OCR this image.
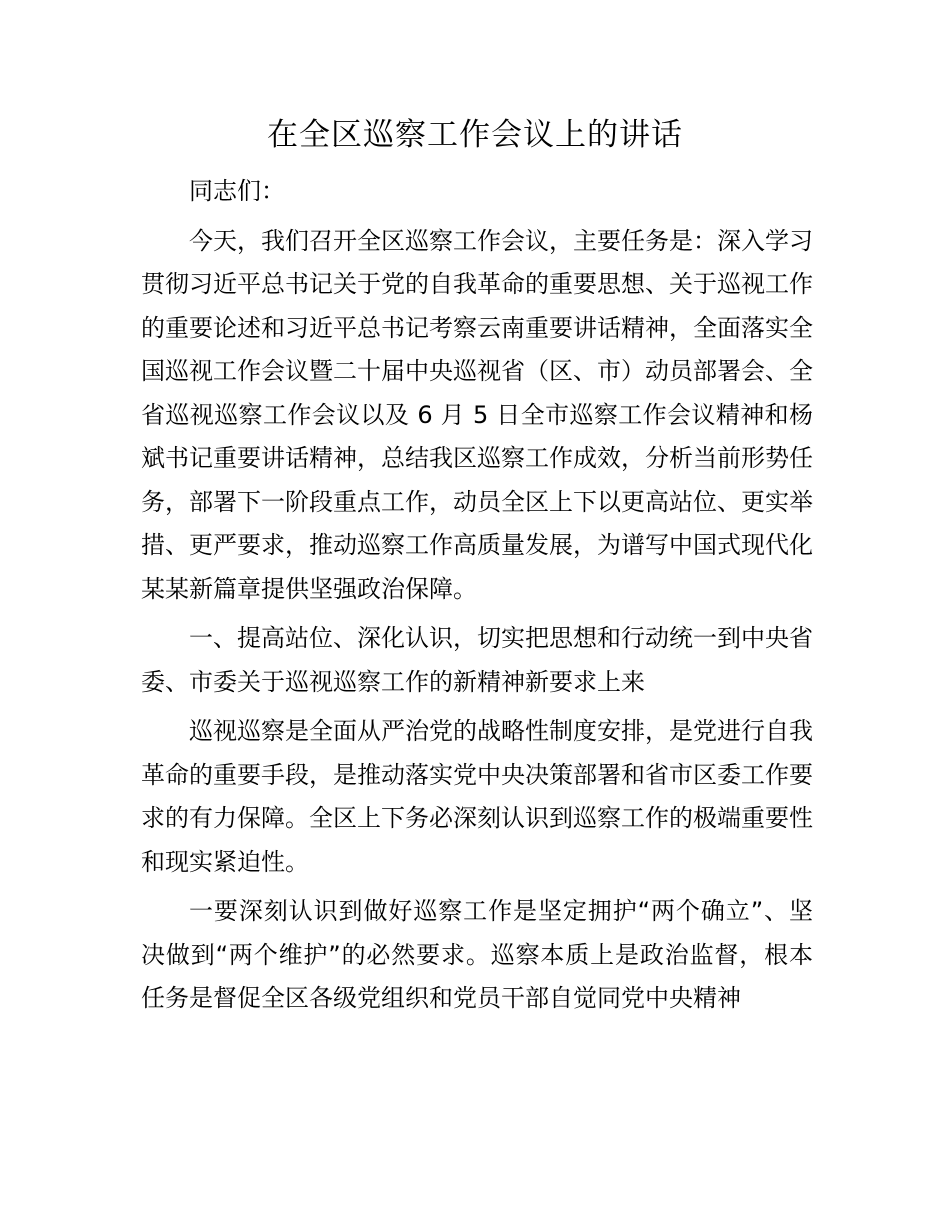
在全区巡察工作会议上的讲话

同志们：

今天，我们召开全区巡察工作会议，主要任务是：深入学习贯彻习近平总书记关于党的自我革命的重要思想、关于巡视工作的重要论述和习近平总书记考察云南重要讲话精神，全面落实全国巡视工作会议暨二十届中央巡视省（区、市）动员部署会、全省巡视巡察工作会议以及 6 月 5 日全市巡察工作会议精神和杨斌书记重要讲话精神，总结我区巡察工作成效，分析当前形势任务，部署下一阶段重点工作，动员全区上下以更高站位、更实举措、更严要求，推动巡察工作高质量发展，为谱写中国式现代化某某新篇章提供坚强政治保障。

一、提高站位、深化认识，切实把思想和行动统一到中央省委、市委关于巡视巡察工作的新精神新要求上来

巡视巡察是全面从严治党的战略性制度安排，是党进行自我革命的重要手段，是推动落实党中央决策部署和省市区委工作要求的有力保障。全区上下务必深刻认识到巡察工作的极端重要性和现实紧迫性。

一要深刻认识到做好巡察工作是坚定拥护“两个确立”、坚决做到“两个维护”的必然要求。巡察本质上是政治监督，根本任务是督促全区各级党组织和党员干部自觉同党中央精神
